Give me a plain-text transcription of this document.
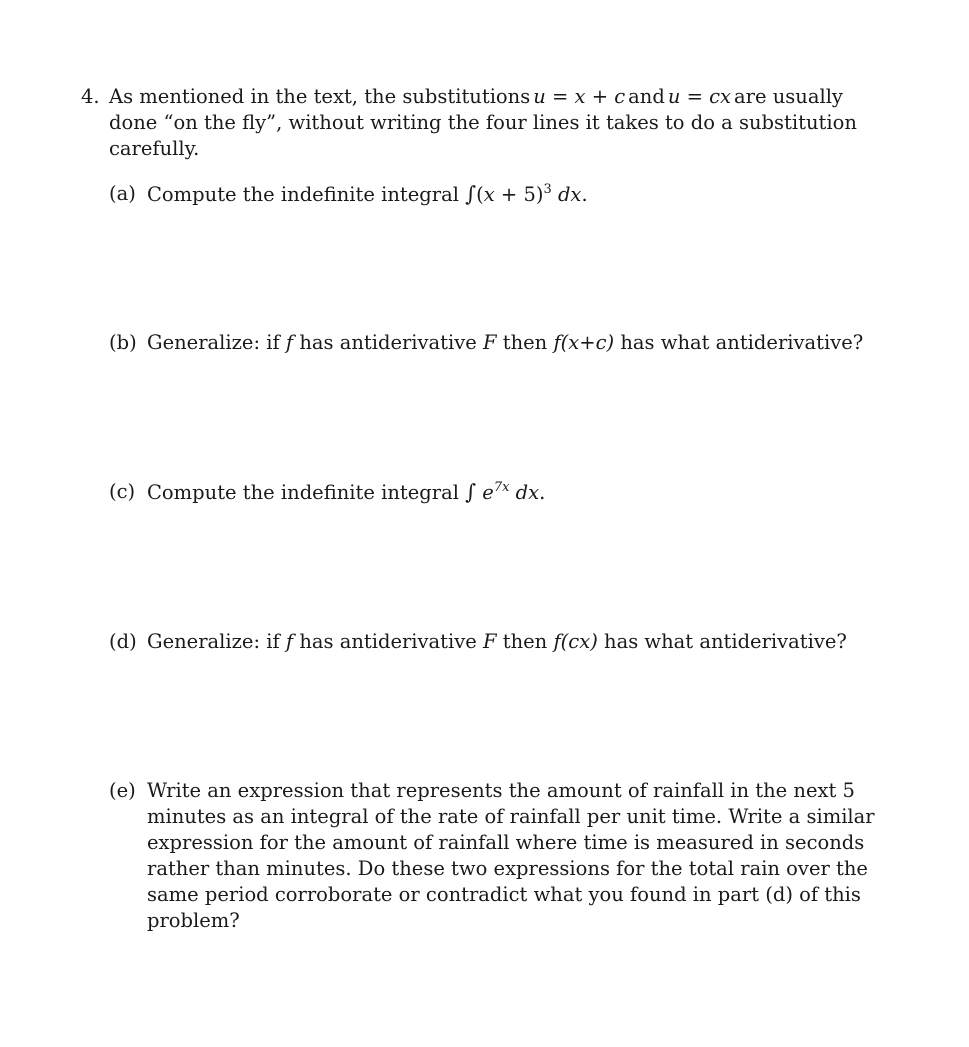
4. As mentioned in the text, the substitutions u = x + c and u = cx are usually
done “on the fly”, without writing the four lines it takes to do a substitution
carefully.
(a) Compute the indefinite integral $\int(x + 5)^3$ dx.
(b) Generalize: if f has antiderivative F then f(x+c) has what antiderivative?
(c) Compute the indefinite integral ∫ $e^{7x}$ dx.
(d) Generalize: if f has antiderivative F then f(cx) has what antiderivative?
(e) Write an expression that represents the amount of rainfall in the next 5
minutes as an integral of the rate of rainfall per unit time. Write a similar
expression for the amount of rainfall where time is measured in seconds
rather than minutes. Do these two expressions for the total rain over the
same period corroborate or contradict what you found in part (d) of this
problem?
